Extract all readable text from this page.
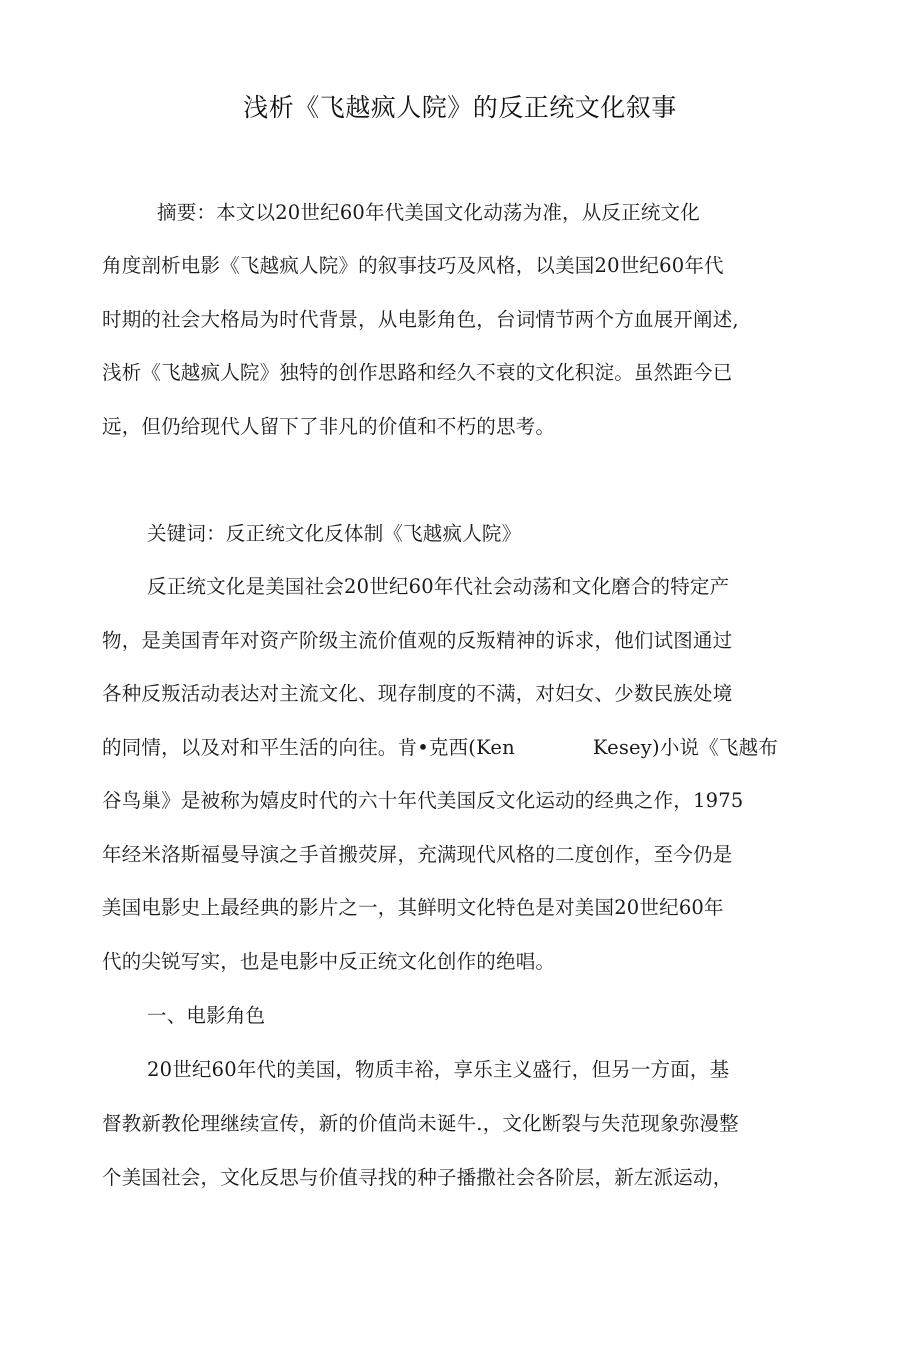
浅析《飞越疯人院》的反正统文化叙事
摘要：本文以20世纪60年代美国文化动荡为准，从反正统文化
角度剖析电影《飞越疯人院》的叙事技巧及风格，以美国20世纪60年代
时期的社会大格局为时代背景，从电影角色，台词情节两个方血展开阐述,
浅析《飞越疯人院》独特的创作思路和经久不衰的文化积淀。虽然距今已
远，但仍给现代人留下了非凡的价值和不朽的思考。
关键词：反正统文化反体制《飞越疯人院》
反正统文化是美国社会20世纪60年代社会动荡和文化磨合的特定产
物，是美国青年对资产阶级主流价值观的反叛精神的诉求，他们试图通过
各种反叛活动表达对主流文化、现存制度的不满，对妇女、少数民族处境
的同情，以及对和平生活的向往。肯•克西(Ken	Kesey)小说《飞越布
谷鸟巢》是被称为嬉皮时代的六十年代美国反文化运动的经典之作，1975
年经米洛斯福曼导演之手首搬荧屏，充满现代风格的二度创作，至今仍是
美国电影史上最经典的影片之一，其鲜明文化特色是对美国20世纪60年
代的尖锐写实，也是电影中反正统文化创作的绝唱。
一、电影角色
20世纪60年代的美国，物质丰裕，享乐主义盛行，但另一方面，基
督教新教伦理继续宣传，新的价值尚未诞牛.，文化断裂与失范现象弥漫整
个美国社会，文化反思与价值寻找的种子播撒社会各阶层，新左派运动，
